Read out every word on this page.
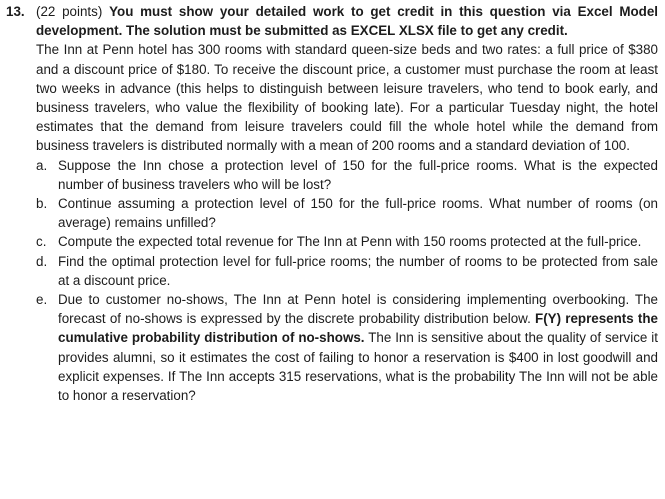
13. (22 points) You must show your detailed work to get credit in this question via Excel Model development. The solution must be submitted as EXCEL XLSX file to get any credit.
The Inn at Penn hotel has 300 rooms with standard queen-size beds and two rates: a full price of $380 and a discount price of $180. To receive the discount price, a customer must purchase the room at least two weeks in advance (this helps to distinguish between leisure travelers, who tend to book early, and business travelers, who value the flexibility of booking late). For a particular Tuesday night, the hotel estimates that the demand from leisure travelers could fill the whole hotel while the demand from business travelers is distributed normally with a mean of 200 rooms and a standard deviation of 100.
a. Suppose the Inn chose a protection level of 150 for the full-price rooms. What is the expected number of business travelers who will be lost?
b. Continue assuming a protection level of 150 for the full-price rooms. What number of rooms (on average) remains unfilled?
c. Compute the expected total revenue for The Inn at Penn with 150 rooms protected at the full-price.
d. Find the optimal protection level for full-price rooms; the number of rooms to be protected from sale at a discount price.
e. Due to customer no-shows, The Inn at Penn hotel is considering implementing overbooking. The forecast of no-shows is expressed by the discrete probability distribution below. F(Y) represents the cumulative probability distribution of no-shows. The Inn is sensitive about the quality of service it provides alumni, so it estimates the cost of failing to honor a reservation is $400 in lost goodwill and explicit expenses. If The Inn accepts 315 reservations, what is the probability The Inn will not be able to honor a reservation?
